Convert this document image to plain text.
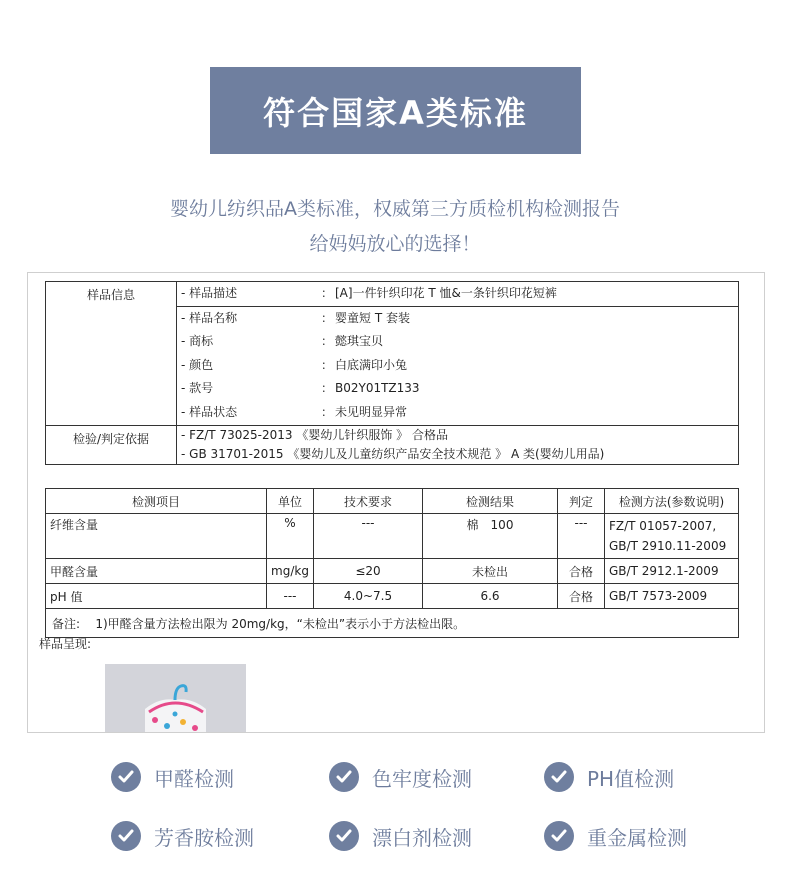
符合国家A类标准
婴幼儿纺织品A类标准，权威第三方质检机构检测报告
给妈妈放心的选择！
样品信息	- 样品描述	：	[A]一件针织印花 T 恤&一条针织印花短裤
	- 样品名称	：	婴童短 T 套装
	- 商标	：	懿琪宝贝
	- 颜色	：	白底满印小兔
	- 款号	：	B02Y01TZ133
	- 样品状态	：	未见明显异常
检验/判定依据	- FZ/T 73025-2013 《婴幼儿针织服饰 》 合格品		
	- GB 31701-2015 《婴幼儿及儿童纺织产品安全技术规范 》 A 类(婴幼儿用品)		
检测项目	单位	技术要求	检测结果	判定	检测方法(参数说明)
纤维含量	%	---	棉　100	---	FZ/T 01057-2007,
GB/T 2910.11-2009

甲醛含量	mg/kg	≤20	未检出	合格	GB/T 2912.1-2009
pH 值	---	4.0~7.5	6.6	合格	GB/T 7573-2009
备注: 1)甲醛含量方法检出限为 20mg/kg，“未检出”表示小于方法检出限。					
样品呈现:
甲醛检测	色牢度检测	PH值检测
芳香胺检测	漂白剂检测	重金属检测
